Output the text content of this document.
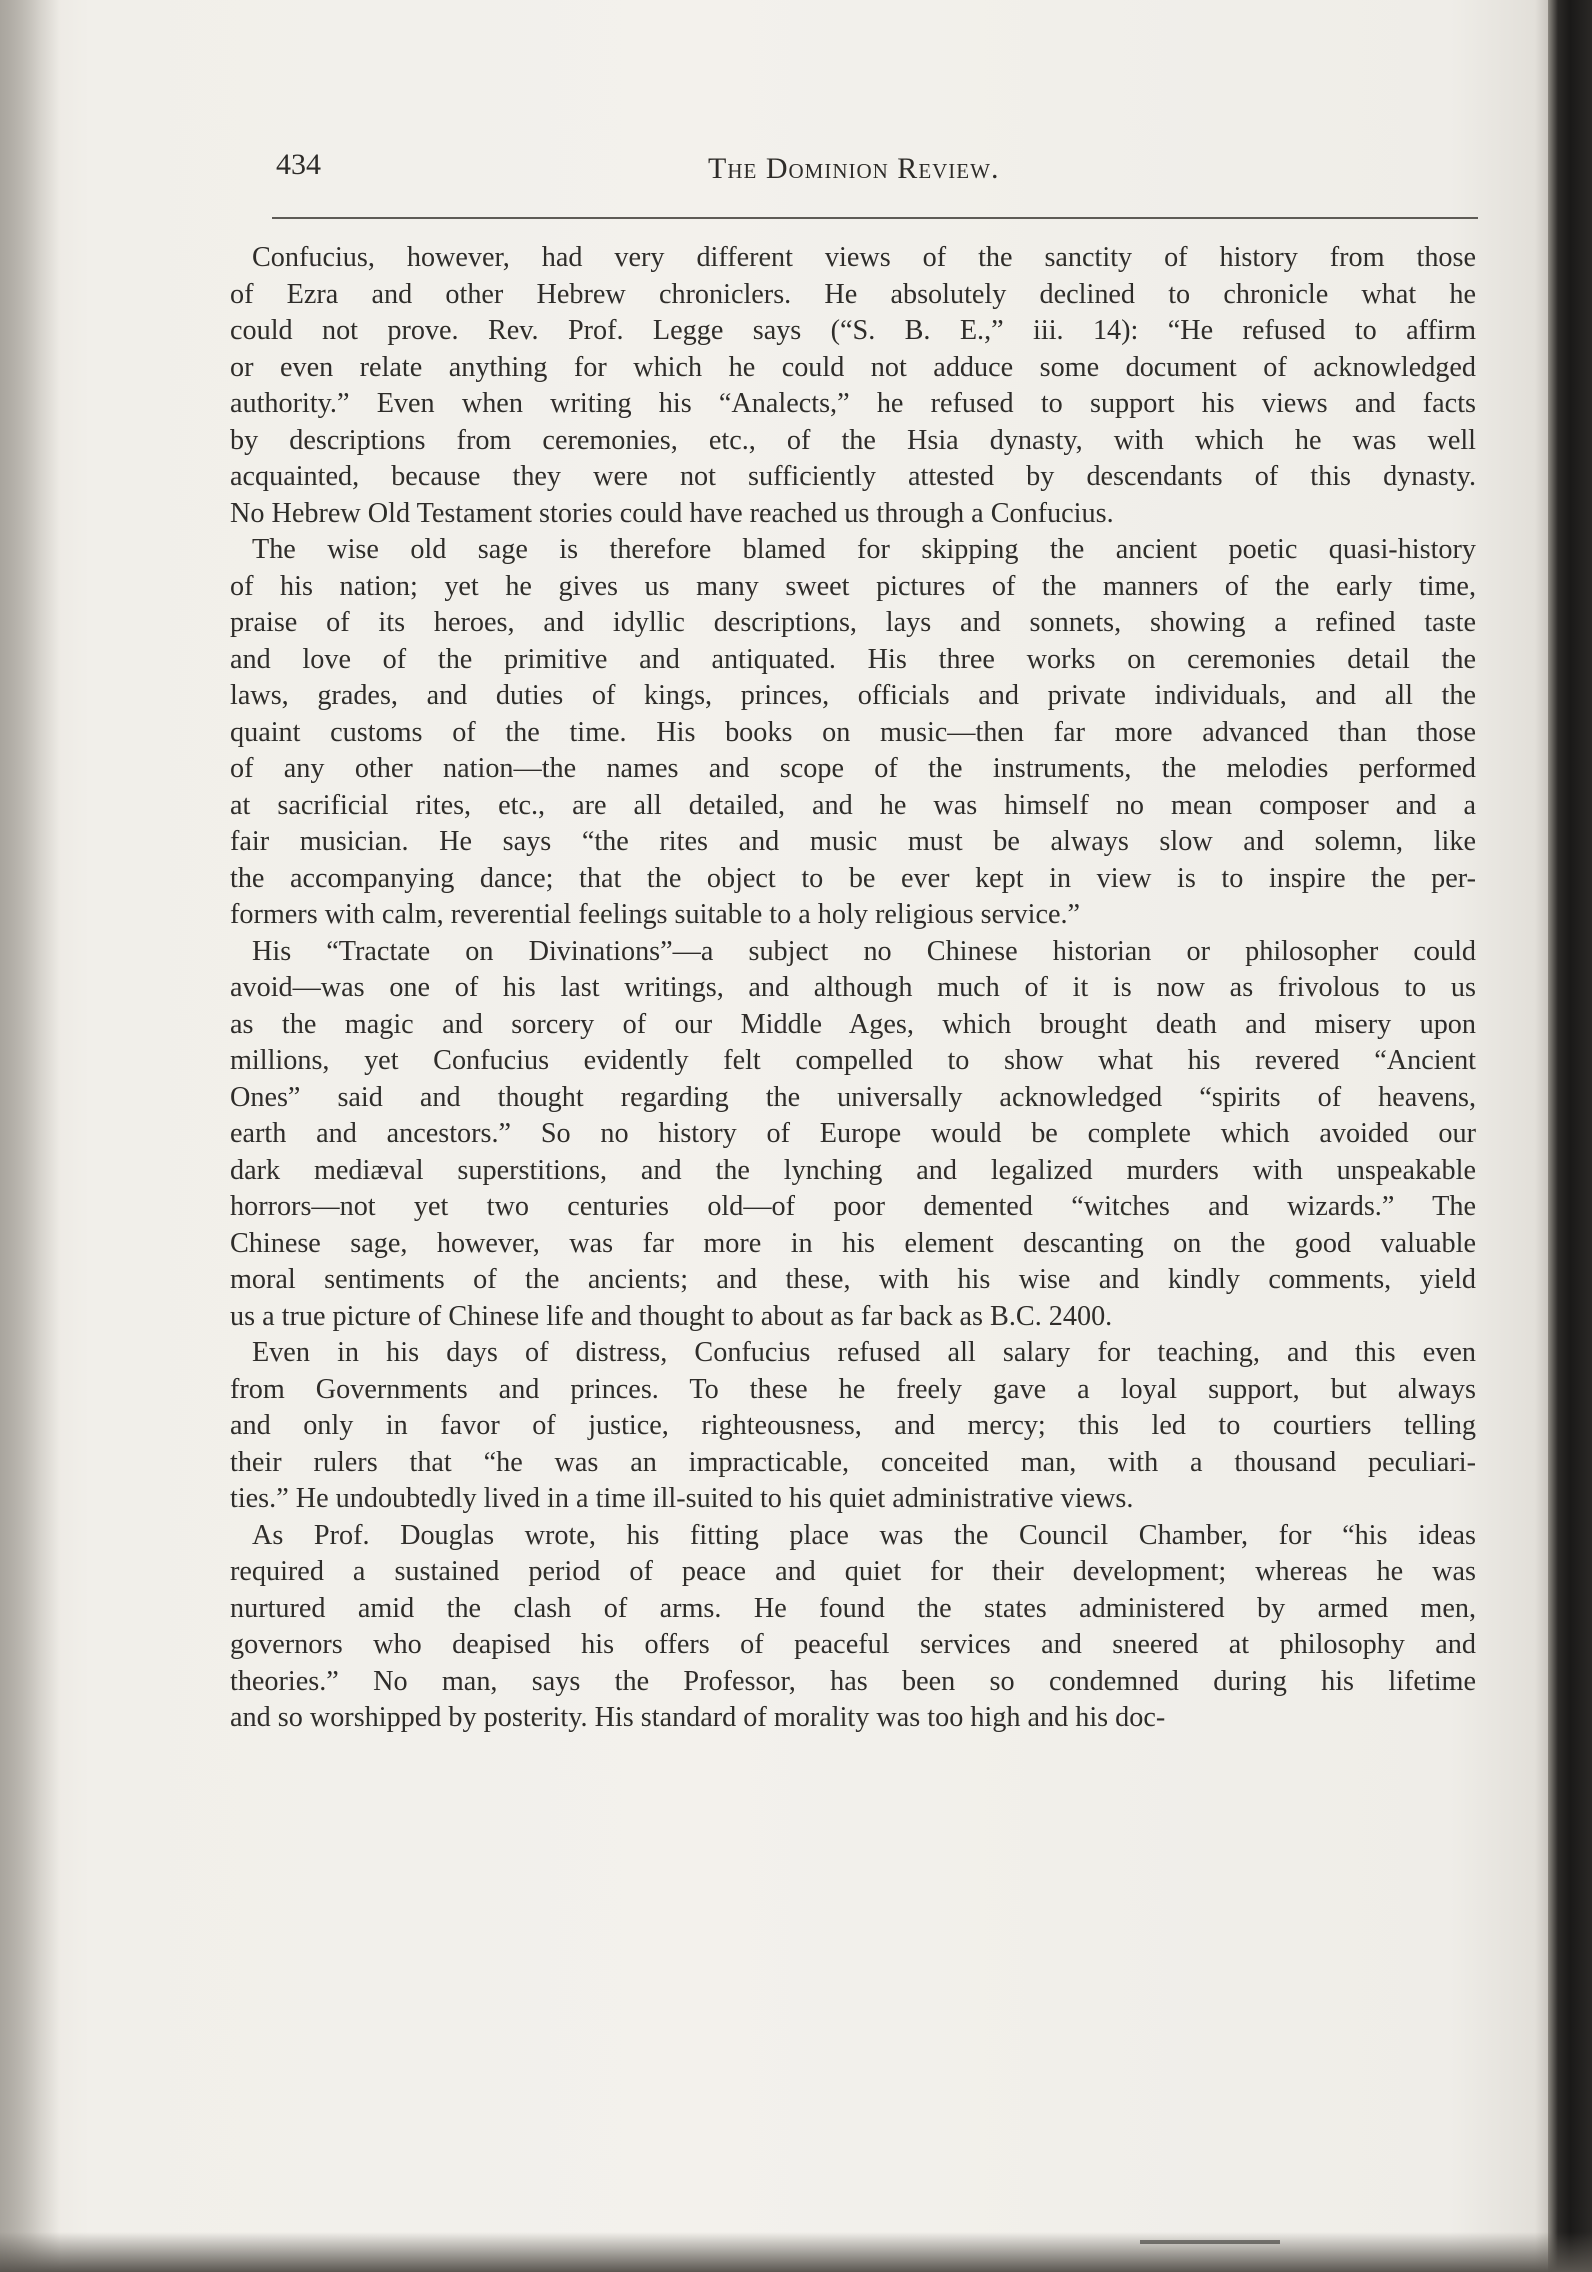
434	The Dominion Review.
Confucius, however, had very different views of the sanctity of history from those
of Ezra and other Hebrew chroniclers. He absolutely declined to chronicle what he
could not prove. Rev. Prof. Legge says (“S. B. E.,” iii. 14): “He refused to affirm
or even relate anything for which he could not adduce some document of acknowledged
authority.” Even when writing his “Analects,” he refused to support his views and facts
by descriptions from ceremonies, etc., of the Hsia dynasty, with which he was well
acquainted, because they were not sufficiently attested by descendants of this dynasty.
No Hebrew Old Testament stories could have reached us through a Confucius.
The wise old sage is therefore blamed for skipping the ancient poetic quasi-history
of his nation; yet he gives us many sweet pictures of the manners of the early time,
praise of its heroes, and idyllic descriptions, lays and sonnets, showing a refined taste
and love of the primitive and antiquated. His three works on ceremonies detail the
laws, grades, and duties of kings, princes, officials and private individuals, and all the
quaint customs of the time. His books on music—then far more advanced than those
of any other nation—the names and scope of the instruments, the melodies performed
at sacrificial rites, etc., are all detailed, and he was himself no mean composer and a
fair musician. He says “the rites and music must be always slow and solemn, like
the accompanying dance; that the object to be ever kept in view is to inspire the per-
formers with calm, reverential feelings suitable to a holy religious service.”
His “Tractate on Divinations”—a subject no Chinese historian or philosopher could
avoid—was one of his last writings, and although much of it is now as frivolous to us
as the magic and sorcery of our Middle Ages, which brought death and misery upon
millions, yet Confucius evidently felt compelled to show what his revered “Ancient
Ones” said and thought regarding the universally acknowledged “spirits of heavens,
earth and ancestors.” So no history of Europe would be complete which avoided our
dark mediæval superstitions, and the lynching and legalized murders with unspeakable
horrors—not yet two centuries old—of poor demented “witches and wizards.” The
Chinese sage, however, was far more in his element descanting on the good valuable
moral sentiments of the ancients; and these, with his wise and kindly comments, yield
us a true picture of Chinese life and thought to about as far back as B.C. 2400.
Even in his days of distress, Confucius refused all salary for teaching, and this even
from Governments and princes. To these he freely gave a loyal support, but always
and only in favor of justice, righteousness, and mercy; this led to courtiers telling
their rulers that “he was an impracticable, conceited man, with a thousand peculiari-
ties.” He undoubtedly lived in a time ill-suited to his quiet administrative views.
As Prof. Douglas wrote, his fitting place was the Council Chamber, for “his ideas
required a sustained period of peace and quiet for their development; whereas he was
nurtured amid the clash of arms. He found the states administered by armed men,
governors who deapised his offers of peaceful services and sneered at philosophy and
theories.” No man, says the Professor, has been so condemned during his lifetime
and so worshipped by posterity. His standard of morality was too high and his doc-
